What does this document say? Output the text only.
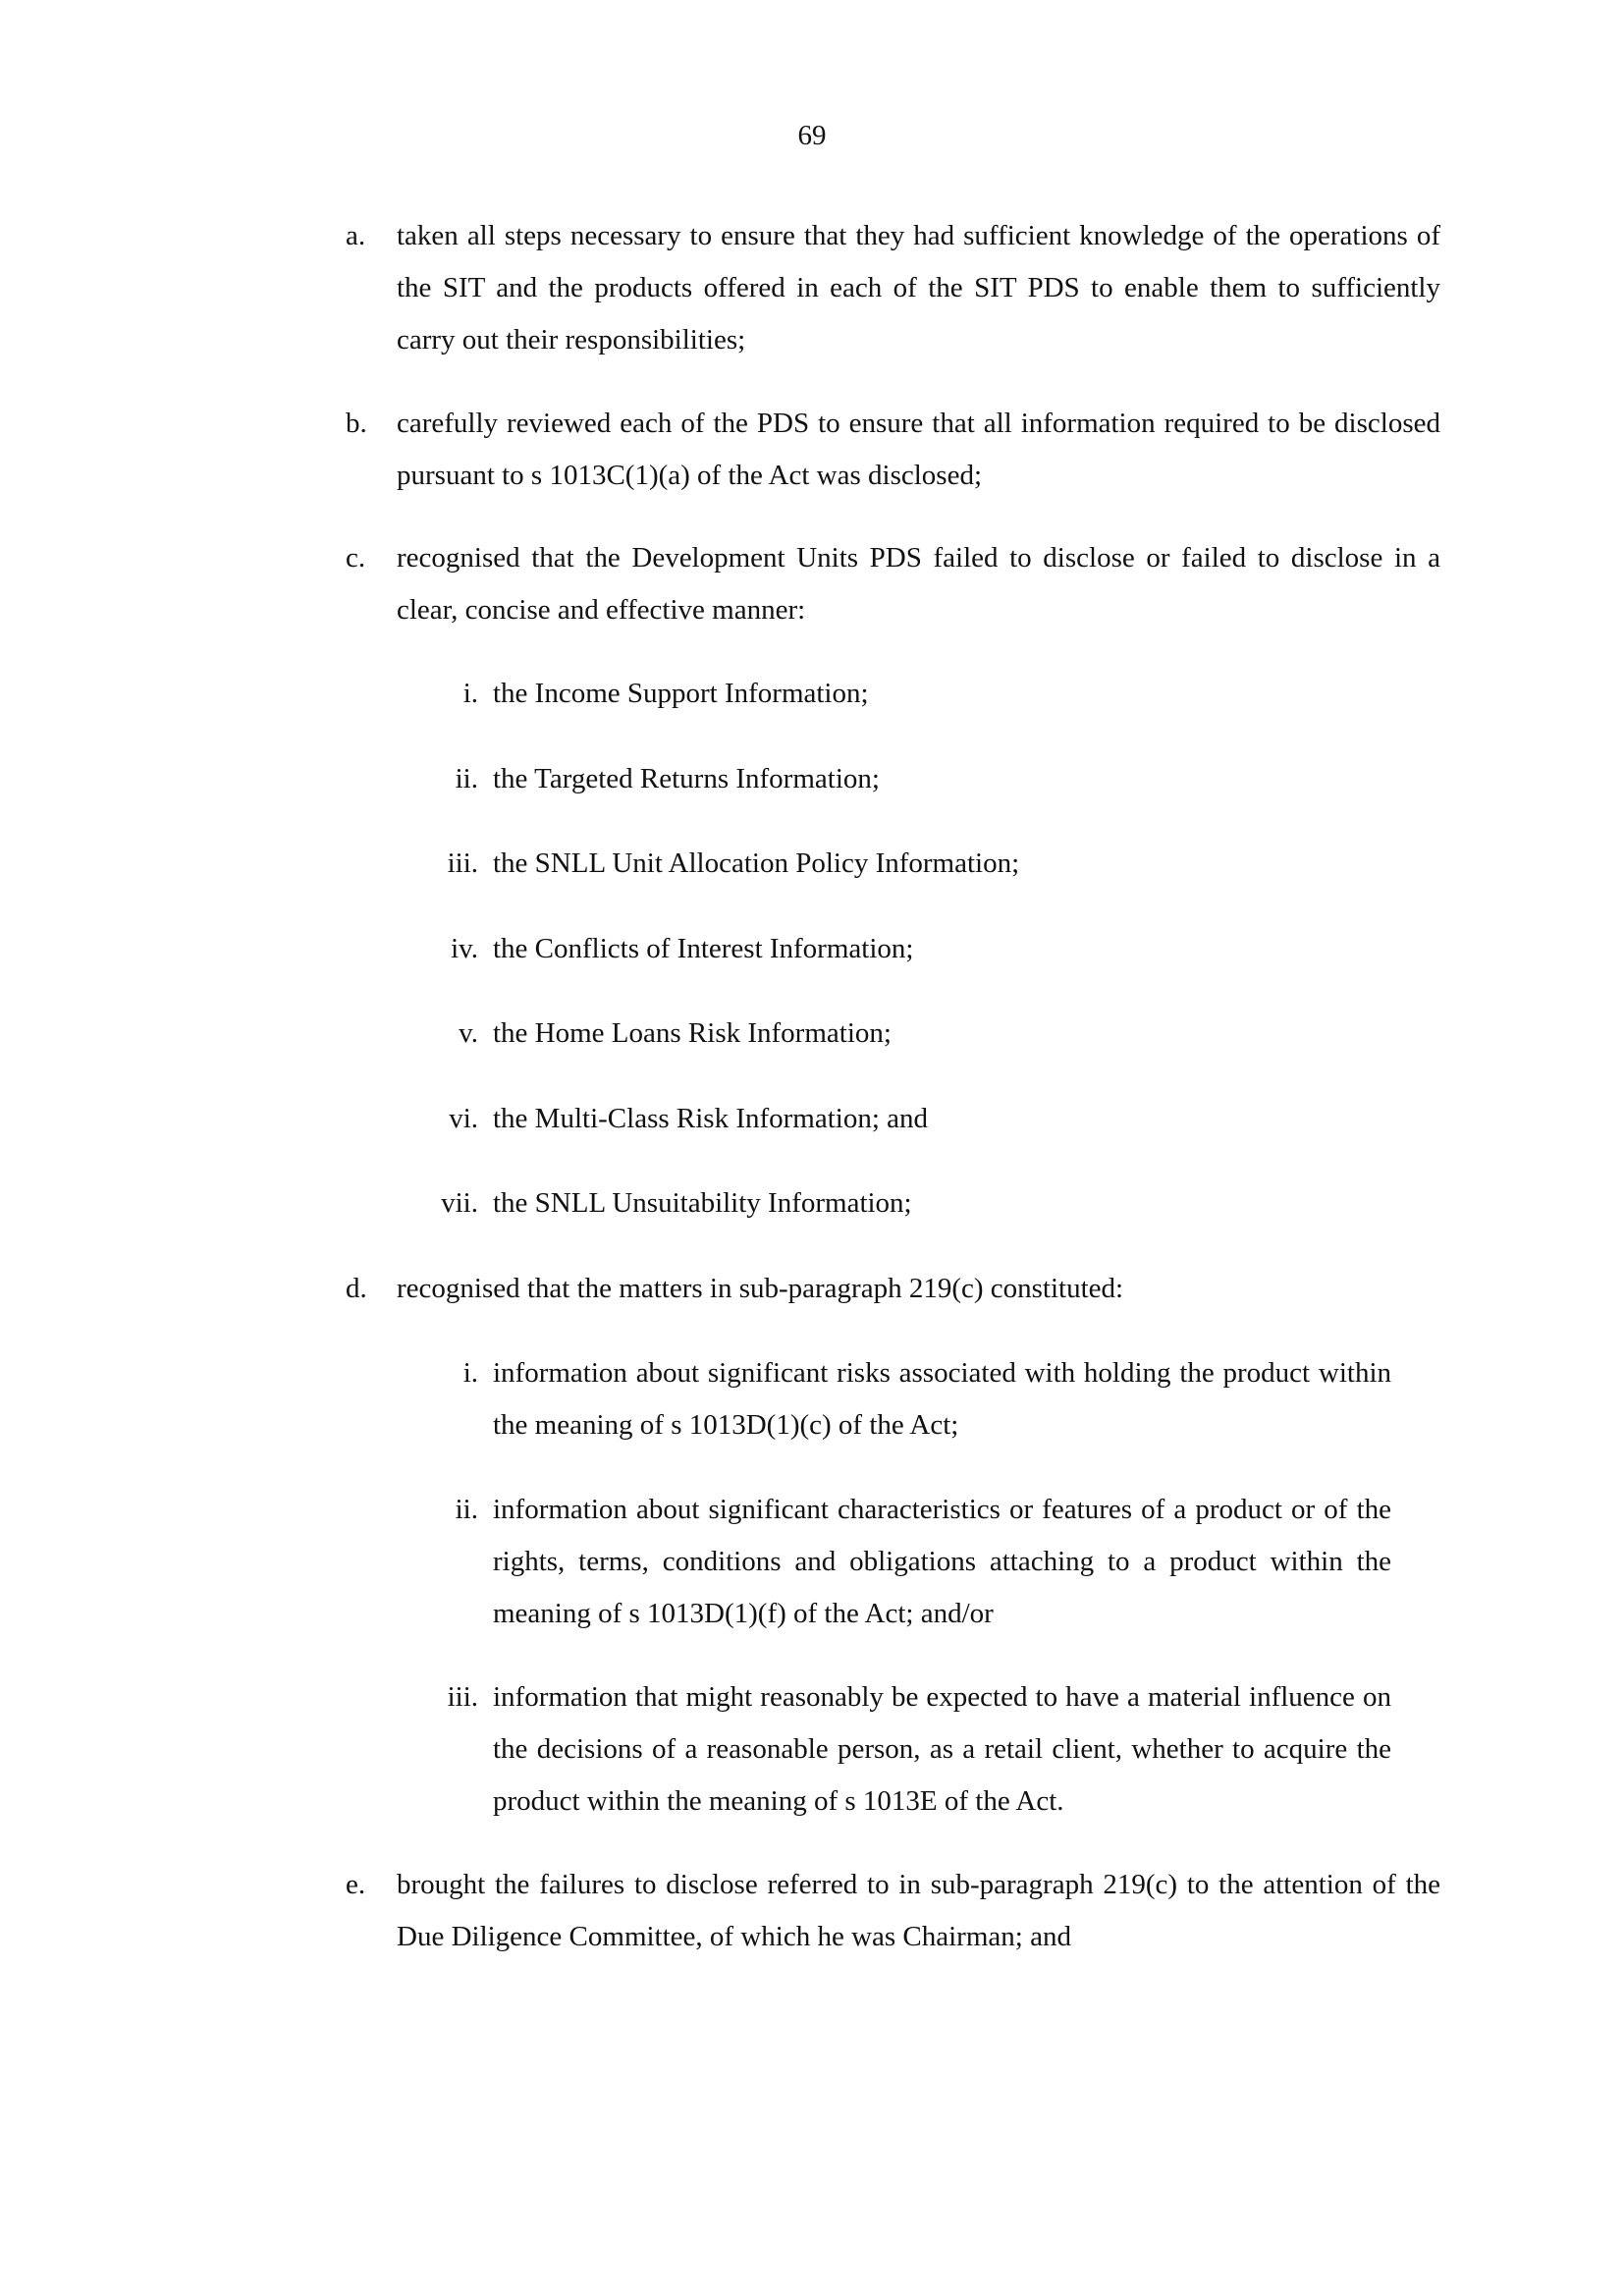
69
a.	taken all steps necessary to ensure that they had sufficient knowledge of the operations of the SIT and the products offered in each of the SIT PDS to enable them to sufficiently carry out their responsibilities;
b.	carefully reviewed each of the PDS to ensure that all information required to be disclosed pursuant to s 1013C(1)(a) of the Act was disclosed;
c.	recognised that the Development Units PDS failed to disclose or failed to disclose in a clear, concise and effective manner:
i. the Income Support Information;
ii. the Targeted Returns Information;
iii. the SNLL Unit Allocation Policy Information;
iv. the Conflicts of Interest Information;
v. the Home Loans Risk Information;
vi. the Multi-Class Risk Information; and
vii. the SNLL Unsuitability Information;
d.	recognised that the matters in sub-paragraph 219(c) constituted:
i. information about significant risks associated with holding the product within the meaning of s 1013D(1)(c) of the Act;
ii. information about significant characteristics or features of a product or of the rights, terms, conditions and obligations attaching to a product within the meaning of s 1013D(1)(f) of the Act; and/or
iii. information that might reasonably be expected to have a material influence on the decisions of a reasonable person, as a retail client, whether to acquire the product within the meaning of s 1013E of the Act.
e.	brought the failures to disclose referred to in sub-paragraph 219(c) to the attention of the Due Diligence Committee, of which he was Chairman; and
